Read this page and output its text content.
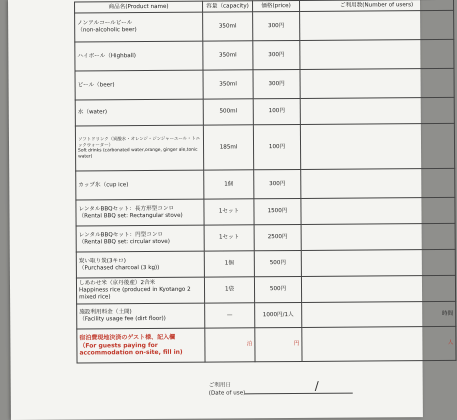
商品名(Product name)	容量（capacity)	価格(price)	ご利用数(Number of users)

ノンアルコールビール
（non-alcoholic beer)	350ml	300円	

ハイボール（Highball)	350ml	300円	

ビール（beer)	350ml	300円	

水（water)	500ml	100円	

ソフトドリンク（炭酸水・オレンジ・ジンジャーエール・トニックウォーター）
Soft drinks (carbonated water,orange, ginger ale,tonic water)	185ml	100円	

カップ氷（cup ice)	1個	300円	

レンタルBBQセット：長方形型コンロ
（Rental BBQ set: Rectangular stove)	1セット	1500円	

レンタルBBQセット：円型コンロ
（Rental BBQ set: circular stove)	1セット	2500円	

炭い取り炭(3キロ)
（Purchased charcoal (3 kg))	1個	500円	

しあわせ米（京丹後産）2合米
Happiness rice (produced in Kyotango 2 mixed rice)	1袋	500円	

施設利用料金（土間)
（Facility usage fee (dirt floor))	—	1000円/1人	時間

宿泊費現地決済のゲスト様、記入欄
（For guests paying for accommodation on-site, fill in)	泊	円	人
ご利用日
(Date of use)
/
